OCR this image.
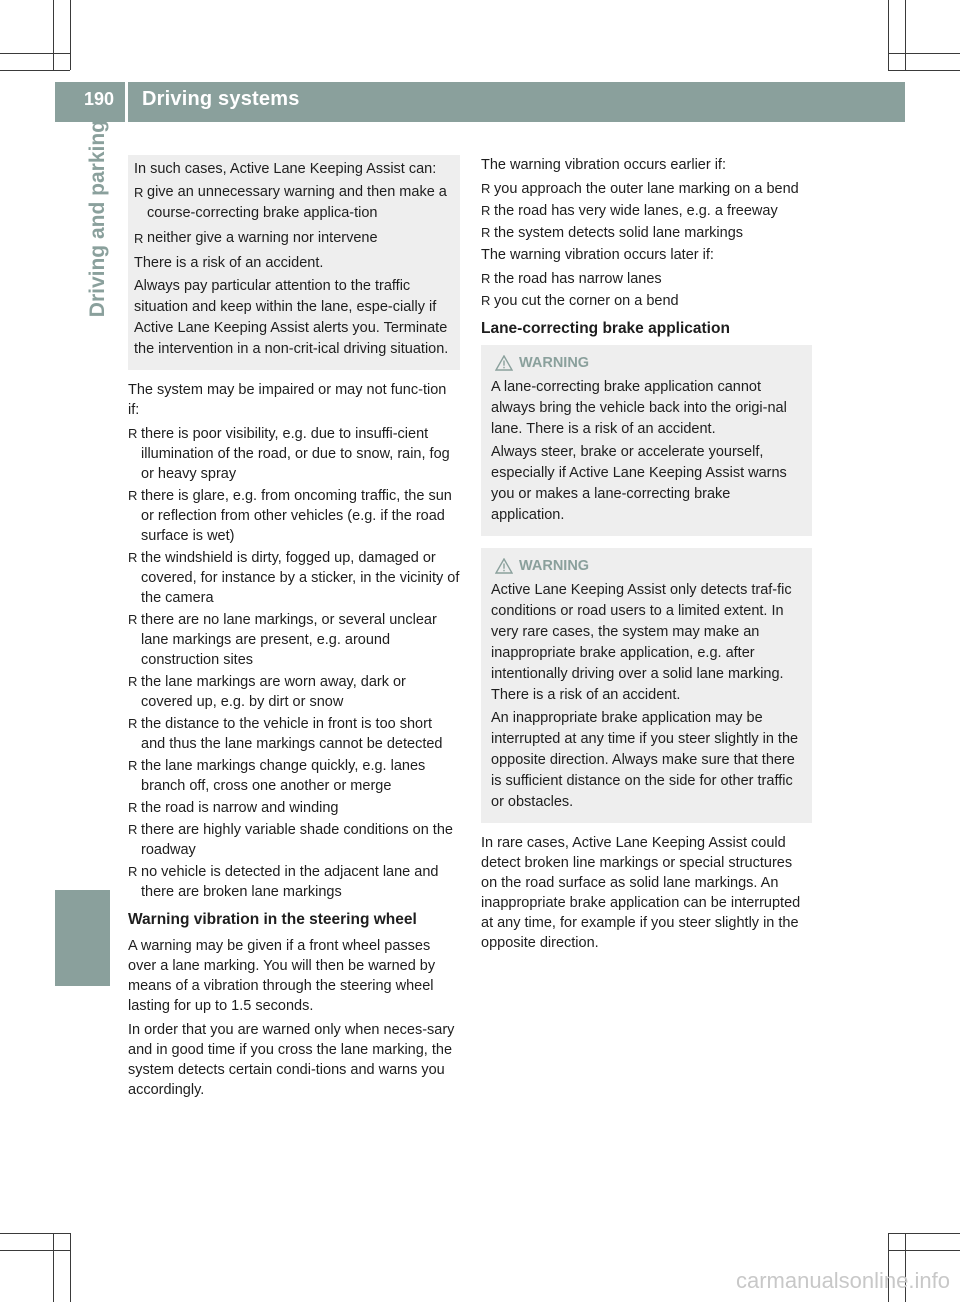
190 Driving systems
Driving and parking In such cases, Active Lane Keeping Assist can:

R give an unnecessary warning and then make a course-correcting brake applica-tion
R neither give a warning nor intervene

There is a risk of an accident.

Always pay particular attention to the traffic situation and keep within the lane, espe-cially if Active Lane Keeping Assist alerts you. Terminate the intervention in a non-crit-ical driving situation.

The system may be impaired or may not func-tion if:

R there is poor visibility, e.g. due to insuffi-cient illumination of the road, or due to snow, rain, fog or heavy spray
R there is glare, e.g. from oncoming traffic, the sun or reflection from other vehicles (e.g. if the road surface is wet)
R the windshield is dirty, fogged up, damaged or covered, for instance by a sticker, in the vicinity of the camera
R there are no lane markings, or several unclear lane markings are present, e.g. around construction sites
R the lane markings are worn away, dark or covered up, e.g. by dirt or snow
R the distance to the vehicle in front is too short and thus the lane markings cannot be detected
R the lane markings change quickly, e.g. lanes branch off, cross one another or merge
R the road is narrow and winding
R there are highly variable shade conditions on the roadway
R no vehicle is detected in the adjacent lane and there are broken lane markings
Warning vibration in the steering wheel

A warning may be given if a front wheel passes over a lane marking. You will then be warned by means of a vibration through the steering wheel lasting for up to 1.5 seconds.

In order that you are warned only when neces-sary and in good time if you cross the lane marking, the system detects certain condi-tions and warns you accordingly.

The warning vibration occurs earlier if:

R you approach the outer lane marking on a bend
R the road has very wide lanes, e.g. a freeway
R the system detects solid lane markings

The warning vibration occurs later if:

R the road has narrow lanes
R you cut the corner on a bend
Lane-correcting brake application
WARNING

A lane-correcting brake application cannot always bring the vehicle back into the origi-nal lane. There is a risk of an accident.

Always steer, brake or accelerate yourself, especially if Active Lane Keeping Assist warns you or makes a lane-correcting brake application.

WARNING

Active Lane Keeping Assist only detects traf-fic conditions or road users to a limited extent. In very rare cases, the system may make an inappropriate brake application, e.g. after intentionally driving over a solid lane marking. There is a risk of an accident.

An inappropriate brake application may be interrupted at any time if you steer slightly in the opposite direction. Always make sure that there is sufficient distance on the side for other traffic or obstacles.

In rare cases, Active Lane Keeping Assist could detect broken line markings or special structures on the road surface as solid lane markings. An inappropriate brake application can be interrupted at any time, for example if you steer slightly in the opposite direction.

carmanualsonline.info
